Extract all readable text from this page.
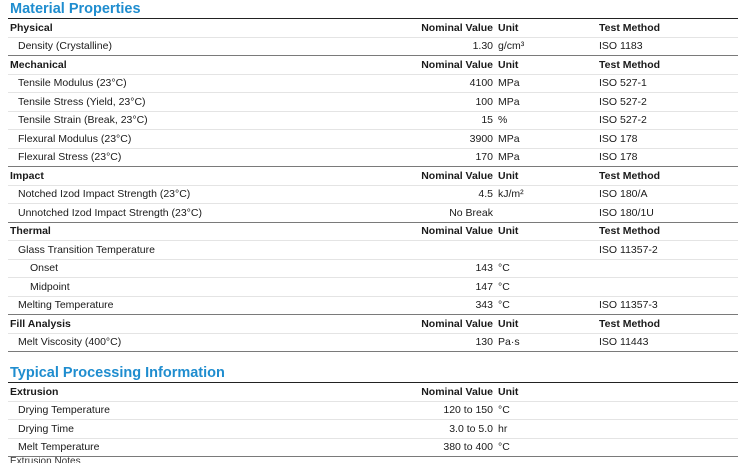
Material Properties
Physical	Nominal Value	Unit	Test Method
Density (Crystalline)	1.30	g/cm³	ISO 1183
Mechanical	Nominal Value	Unit	Test Method
Tensile Modulus (23°C)	4100	MPa	ISO 527-1
Tensile Stress (Yield, 23°C)	100	MPa	ISO 527-2
Tensile Strain (Break, 23°C)	15	%	ISO 527-2
Flexural Modulus (23°C)	3900	MPa	ISO 178
Flexural Stress (23°C)	170	MPa	ISO 178
Impact	Nominal Value	Unit	Test Method
Notched Izod Impact Strength (23°C)	4.5	kJ/m²	ISO 180/A
Unnotched Izod Impact Strength (23°C)	No Break		ISO 180/1U
Thermal	Nominal Value	Unit	Test Method
Glass Transition Temperature			ISO 11357-2
Onset	143	°C	
Midpoint	147	°C	
Melting Temperature	343	°C	ISO 11357-3
Fill Analysis	Nominal Value	Unit	Test Method
Melt Viscosity (400°C)	130	Pa·s	ISO 11443
Typical Processing Information
Extrusion	Nominal Value	Unit	
Drying Temperature	120 to 150	°C	
Drying Time	3.0 to 5.0	hr	
Melt Temperature	380 to 400	°C	
Extrusion Notes
